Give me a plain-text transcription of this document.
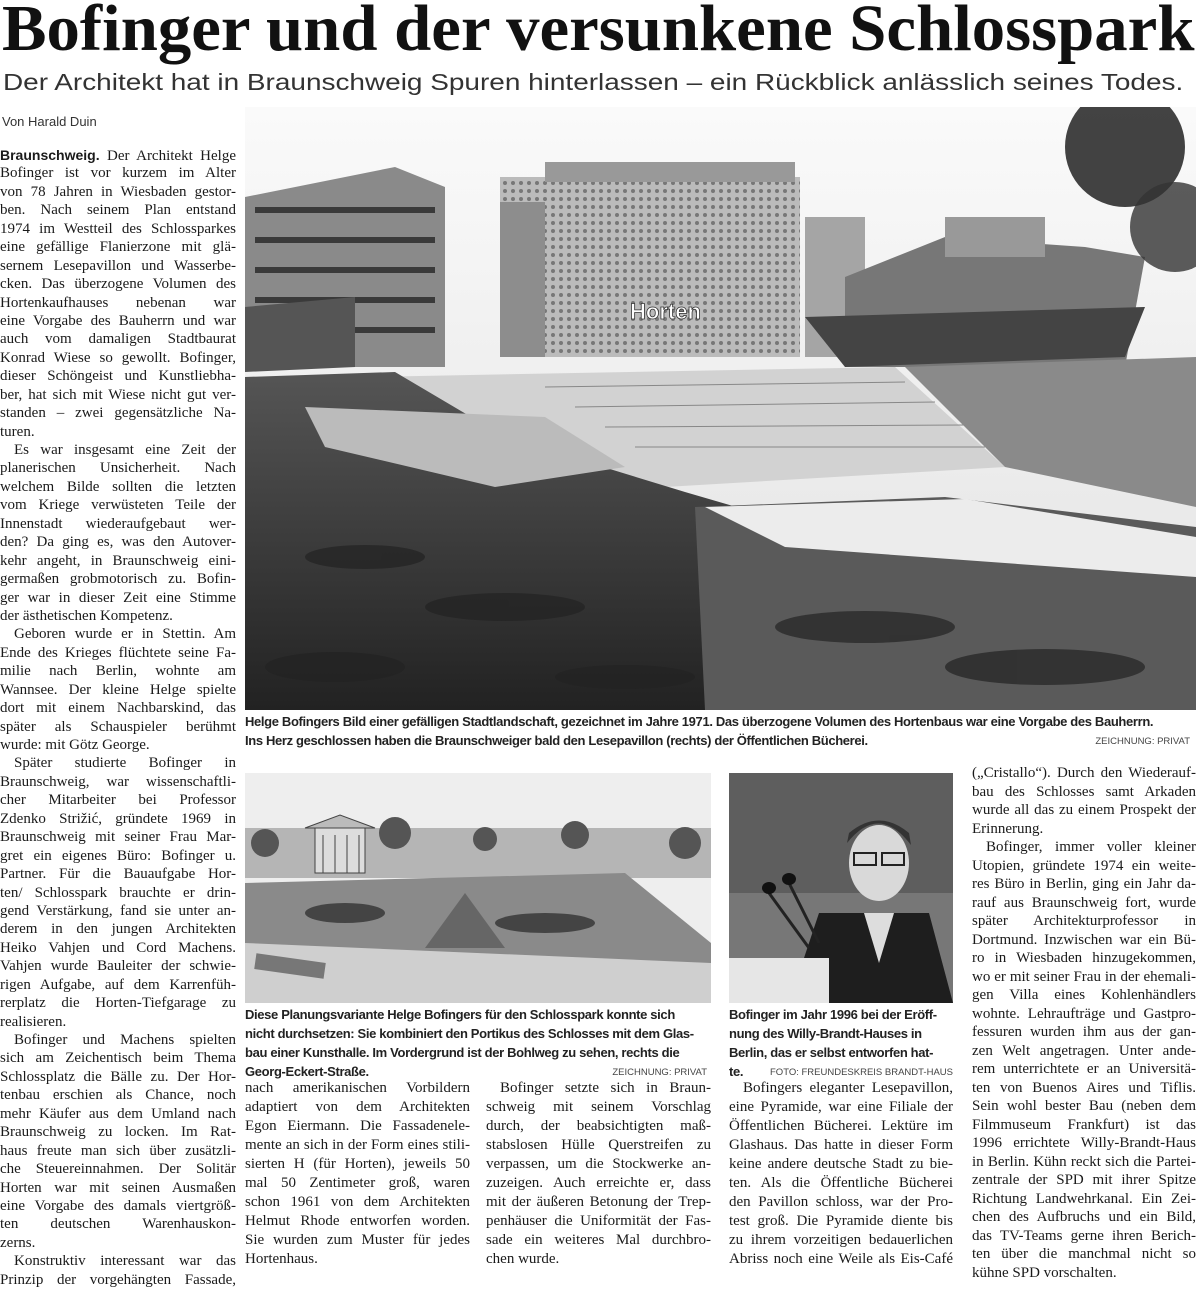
Bofinger und der versunkene Schlosspark
Der Architekt hat in Braunschweig Spuren hinterlassen – ein Rückblick anlässlich seines Todes.
Von Harald Duin
Braunschweig. Der Architekt Helge
Bofinger ist vor kurzem im Alter
von 78 Jahren in Wiesbaden gestor-
ben. Nach seinem Plan entstand
1974 im Westteil des Schlossparkes
eine gefällige Flanierzone mit glä-
sernem Lesepavillon und Wasserbe-
cken. Das überzogene Volumen des
Hortenkaufhauses nebenan war
eine Vorgabe des Bauherrn und war
auch vom damaligen Stadtbaurat
Konrad Wiese so gewollt. Bofinger,
dieser Schöngeist und Kunstliebha-
ber, hat sich mit Wiese nicht gut ver-
standen – zwei gegensätzliche Na-
turen.
Es war insgesamt eine Zeit der
planerischen Unsicherheit. Nach
welchem Bilde sollten die letzten
vom Kriege verwüsteten Teile der
Innenstadt wiederaufgebaut wer-
den? Da ging es, was den Autover-
kehr angeht, in Braunschweig eini-
germaßen grobmotorisch zu. Bofin-
ger war in dieser Zeit eine Stimme
der ästhetischen Kompetenz.
Geboren wurde er in Stettin. Am
Ende des Krieges flüchtete seine Fa-
milie nach Berlin, wohnte am
Wannsee. Der kleine Helge spielte
dort mit einem Nachbarskind, das
später als Schauspieler berühmt
wurde: mit Götz George.
Später studierte Bofinger in
Braunschweig, war wissenschaftli-
cher Mitarbeiter bei Professor
Zdenko Strižić, gründete 1969 in
Braunschweig mit seiner Frau Mar-
gret ein eigenes Büro: Bofinger u.
Partner. Für die Bauaufgabe Hor-
ten/ Schlosspark brauchte er drin-
gend Verstärkung, fand sie unter an-
derem in den jungen Architekten
Heiko Vahjen und Cord Machens.
Vahjen wurde Bauleiter der schwie-
rigen Aufgabe, auf dem Karrenfüh-
rerplatz die Horten-Tiefgarage zu
realisieren.
Bofinger und Machens spielten
sich am Zeichentisch beim Thema
Schlossplatz die Bälle zu. Der Hor-
tenbau erschien als Chance, noch
mehr Käufer aus dem Umland nach
Braunschweig zu locken. Im Rat-
haus freute man sich über zusätzli-
che Steuereinnahmen. Der Solitär
Horten war mit seinen Ausmaßen
eine Vorgabe des damals viertgröß-
ten deutschen Warenhauskon-
zerns.
Konstruktiv interessant war das
Prinzip der vorgehängten Fassade,
nach amerikanischen Vorbildern
adaptiert von dem Architekten
Egon Eiermann. Die Fassadenele-
mente an sich in der Form eines stili-
sierten H (für Horten), jeweils 50
mal 50 Zentimeter groß, waren
schon 1961 von dem Architekten
Helmut Rhode entworfen worden.
Sie wurden zum Muster für jedes
Hortenhaus.
Bofinger setzte sich in Braun-
schweig mit seinem Vorschlag
durch, der beabsichtigten maß-
stabslosen Hülle Querstreifen zu
verpassen, um die Stockwerke an-
zuzeigen. Auch erreichte er, dass
mit der äußeren Betonung der Trep-
penhäuser die Uniformität der Fas-
sade ein weiteres Mal durchbro-
chen wurde.
Bofingers eleganter Lesepavillon,
eine Pyramide, war eine Filiale der
Öffentlichen Bücherei. Lektüre im
Glashaus. Das hatte in dieser Form
keine andere deutsche Stadt zu bie-
ten. Als die Öffentliche Bücherei
den Pavillon schloss, war der Pro-
test groß. Die Pyramide diente bis
zu ihrem vorzeitigen bedauerlichen
Abriss noch eine Weile als Eis-Café
(„Cristallo“). Durch den Wiederauf-
bau des Schlosses samt Arkaden
wurde all das zu einem Prospekt der
Erinnerung.
Bofinger, immer voller kleiner
Utopien, gründete 1974 ein weite-
res Büro in Berlin, ging ein Jahr da-
rauf aus Braunschweig fort, wurde
später Architekturprofessor in
Dortmund. Inzwischen war ein Bü-
ro in Wiesbaden hinzugekommen,
wo er mit seiner Frau in der ehemali-
gen Villa eines Kohlenhändlers
wohnte. Lehraufträge und Gastpro-
fessuren wurden ihm aus der gan-
zen Welt angetragen. Unter ande-
rem unterrichtete er an Universitä-
ten von Buenos Aires und Tiflis.
Sein wohl bester Bau (neben dem
Filmmuseum Frankfurt) ist das
1996 errichtete Willy-Brandt-Haus
in Berlin. Kühn reckt sich die Partei-
zentrale der SPD mit ihrer Spitze
Richtung Landwehrkanal. Ein Zei-
chen des Aufbruchs und ein Bild,
das TV-Teams gerne ihren Berich-
ten über die manchmal nicht so
kühne SPD vorschalten.
Horten
Helge Bofingers Bild einer gefälligen Stadtlandschaft, gezeichnet im Jahre 1971. Das überzogene Volumen des Hortenbaus war eine Vorgabe des Bauherrn.
Ins Herz geschlossen haben die Braunschweiger bald den Lesepavillon (rechts) der Öffentlichen Bücherei.	ZEICHNUNG: PRIVAT
Diese Planungsvariante Helge Bofingers für den Schlosspark konnte sich
nicht durchsetzen: Sie kombiniert den Portikus des Schlosses mit dem Glas-
bau einer Kunsthalle. Im Vordergrund ist der Bohlweg zu sehen, rechts die
Georg-Eckert-Straße.	ZEICHNUNG: PRIVAT
Bofinger im Jahr 1996 bei der Eröff-
nung des Willy-Brandt-Hauses in
Berlin, das er selbst entworfen hat-
te.	FOTO: FREUNDESKREIS BRANDT-HAUS
